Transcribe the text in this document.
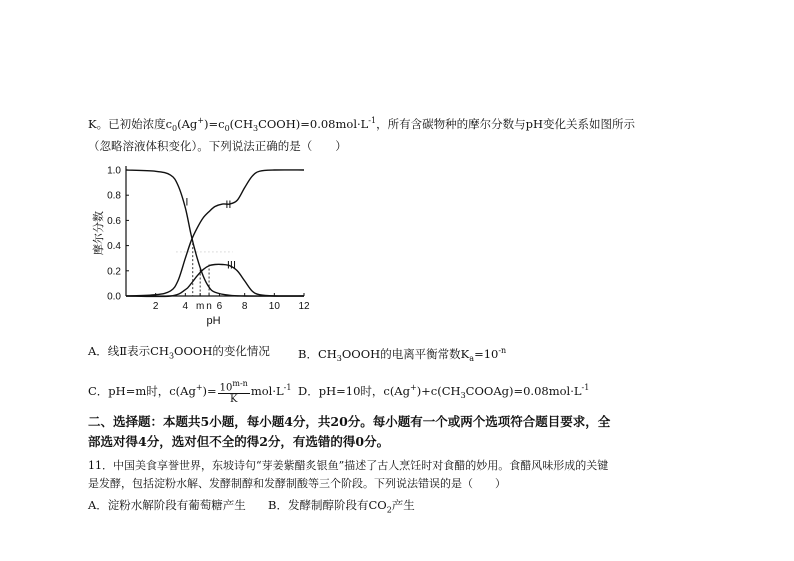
K。已初始浓度$c_0(Ag^+)=c_0(CH_3COOH)=0.08mol\cdot L^{-1}$，所有含碳物种的摩尔分数与pH变化关系如图所示
（忽略溶液体积变化）。下列说法正确的是（　　）
0.0
0.2
0.4
0.6
0.8
1.0
2 4 m n 6 8 10 12
pH
摩尔分数
I	II
III
A．线Ⅱ表示$CH_3OOOH$的变化情况 B．$CH_3OOOH$的电离平衡常数$K_a=10^{-n}$
C．pH=m时，$c(Ag^+)= \frac{10^{m-n}}{K} mol\cdot L^{-1}$ D．pH=10时，$c(Ag^+)+c(CH_3COOAg)=0.08mol\cdot L^{-1}$
二、选择题：本题共5小题，每小题4分，共20分。每小题有一个或两个选项符合题目要求，全
部选对得4分，选对但不全的得2分，有选错的得0分。
11．中国美食享誉世界，东坡诗句“芽姜紫醋炙银鱼”描述了古人烹饪时对食醋的妙用。食醋风味形成的关键
是发酵，包括淀粉水解、发酵制醇和发酵制酸等三个阶段。下列说法错误的是（　　）
A．淀粉水解阶段有葡萄糖产生 B．发酵制醇阶段有$CO_2$产生
